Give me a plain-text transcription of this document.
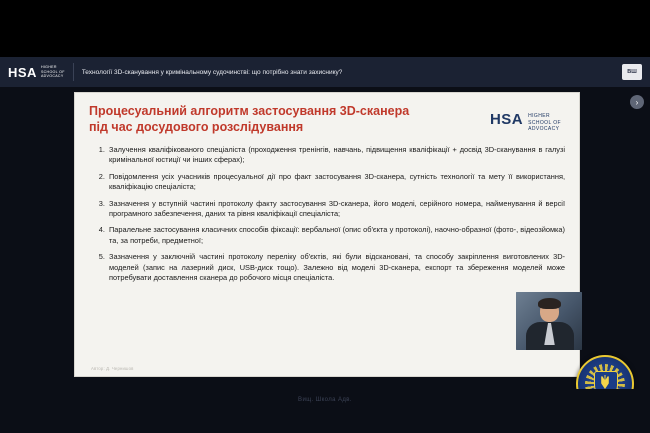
HSA HIGHER
SCHOOL OF
ADVOCACY
Технології 3D-сканування у кримінальному судочинстві: що потрібно знати захиснику?	ВШ
Процесуальний алгоритм застосування 3D-сканера під час досудового розслідування	HSA HIGHER
SCHOOL OF
ADVOCACY
1. Залучення кваліфікованого спеціаліста (проходження тренінгів, навчань, підвищення кваліфікації + досвід 3D-сканування в галузі кримінальної юстиції чи інших сферах);
2. Повідомлення усіх учасників процесуальної дії про факт застосування 3D-сканера, сутність технології та мету її використання, кваліфікацію спеціаліста;
3. Зазначення у вступній частині протоколу факту застосування 3D-сканера, його моделі, серійного номера, найменування й версії програмного забезпечення, даних та рівня кваліфікації спеціаліста;
4. Паралельне застосування класичних способів фіксації: вербальної (опис об'єкта у протоколі), наочно-образної (фото-, відеозйомка) та, за потреби, предметної;
5. Зазначення у заключній частині протоколу переліку об'єктів, які були відскановані, та способу закріплення виготовлених 3D-моделей (запис на лазерний диск, USB-диск тощо). Залежно від моделі 3D-сканера, експорт та збереження моделей може потребувати доставлення сканера до робочого місця спеціаліста.
Автор: Д. Чернишов
›
Вищ. Школа Адв.
